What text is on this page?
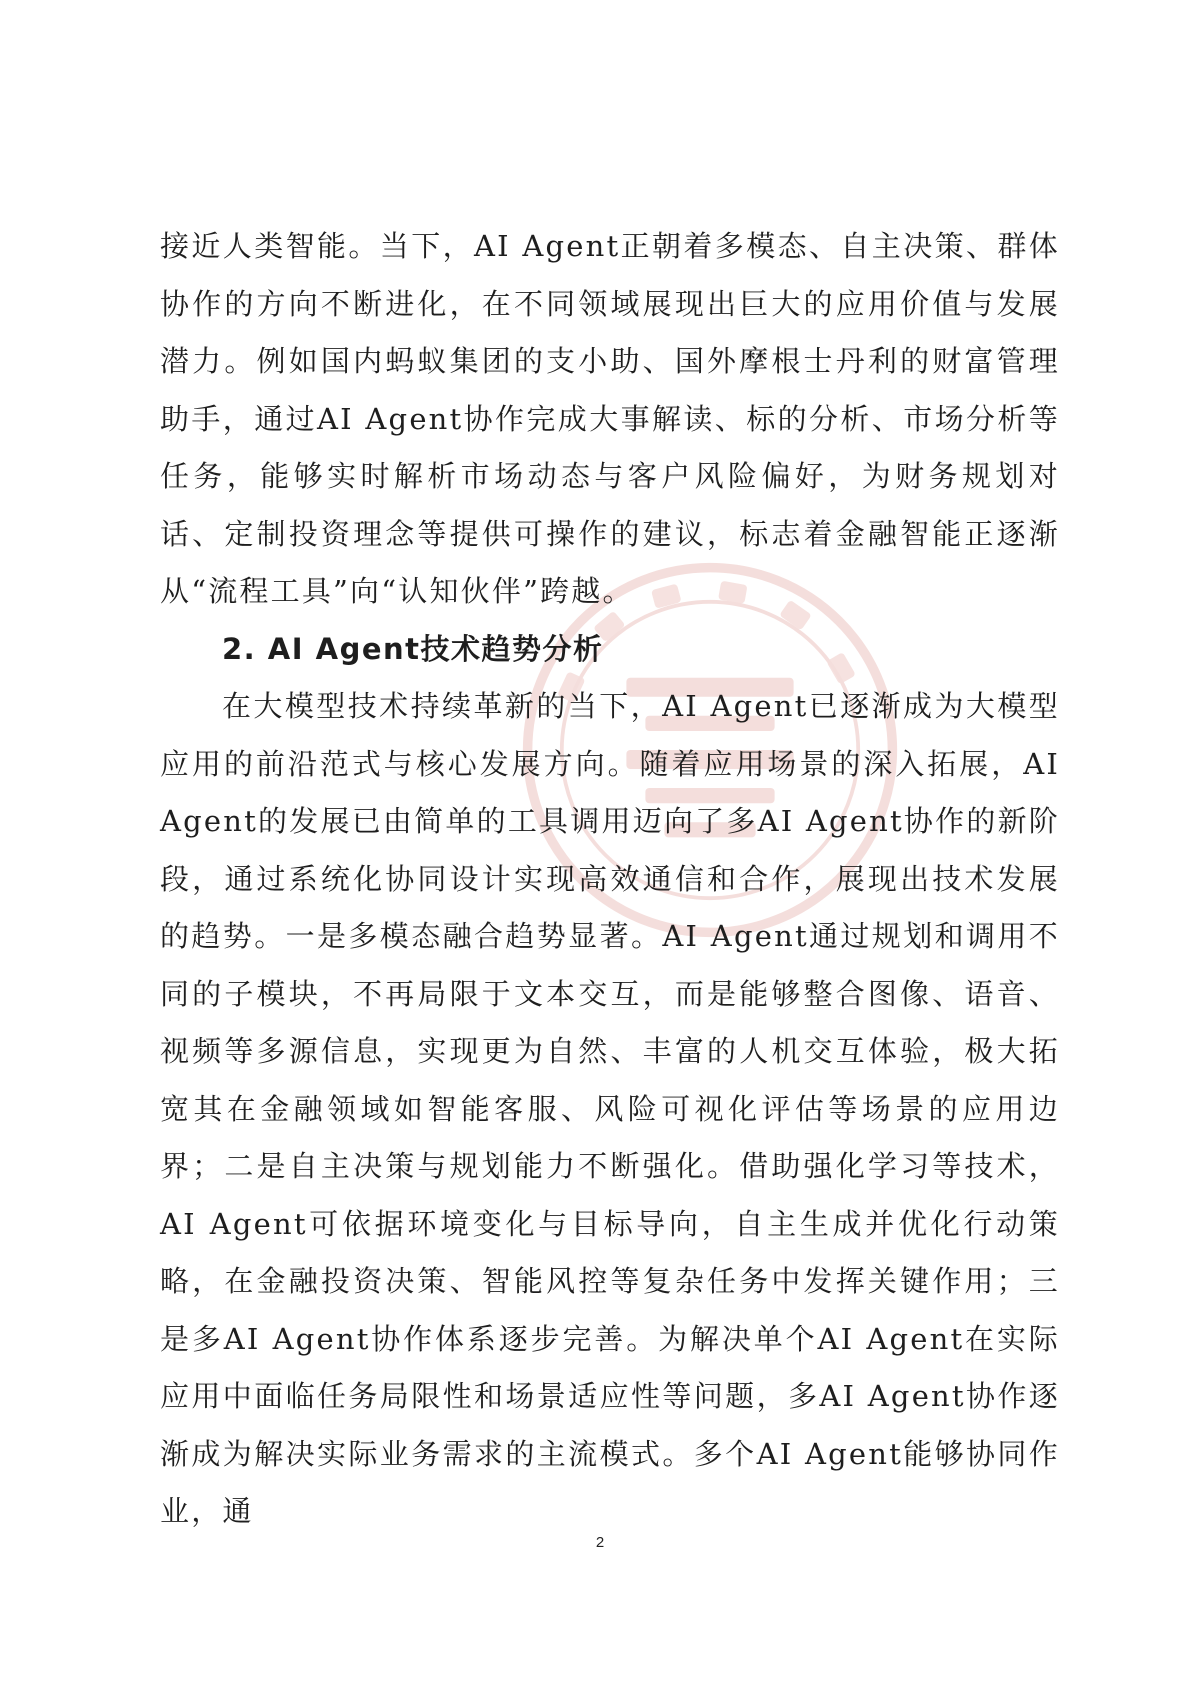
接近人类智能。当下，AI Agent正朝着多模态、自主决策、群体协作的方向不断进化，在不同领域展现出巨大的应用价值与发展潜力。例如国内蚂蚁集团的支小助、国外摩根士丹利的财富管理助手，通过AI Agent协作完成大事解读、标的分析、市场分析等任务，能够实时解析市场动态与客户风险偏好，为财务规划对话、定制投资理念等提供可操作的建议，标志着金融智能正逐渐从“流程工具”向“认知伙伴”跨越。

2. AI Agent技术趋势分析

在大模型技术持续革新的当下，AI Agent已逐渐成为大模型应用的前沿范式与核心发展方向。随着应用场景的深入拓展，AI Agent的发展已由简单的工具调用迈向了多AI Agent协作的新阶段，通过系统化协同设计实现高效通信和合作，展现出技术发展的趋势。一是多模态融合趋势显著。AI Agent通过规划和调用不同的子模块，不再局限于文本交互，而是能够整合图像、语音、视频等多源信息，实现更为自然、丰富的人机交互体验，极大拓宽其在金融领域如智能客服、风险可视化评估等场景的应用边界；二是自主决策与规划能力不断强化。借助强化学习等技术，AI Agent可依据环境变化与目标导向，自主生成并优化行动策略，在金融投资决策、智能风控等复杂任务中发挥关键作用；三是多AI Agent协作体系逐步完善。为解决单个AI Agent在实际应用中面临任务局限性和场景适应性等问题，多AI Agent协作逐渐成为解决实际业务需求的主流模式。多个AI Agent能够协同作业，通

2
